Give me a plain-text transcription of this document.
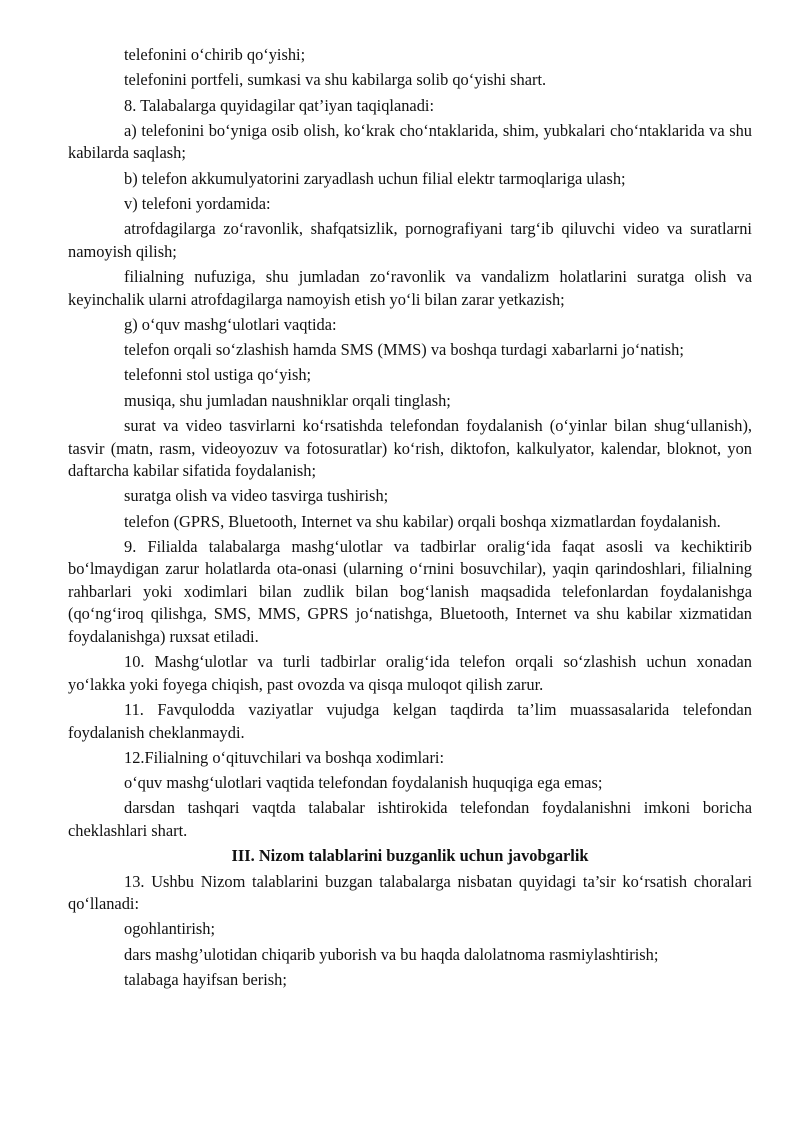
telefonini o‘chirib qo‘yishi;

telefonini portfeli, sumkasi va shu kabilarga solib qo‘yishi shart.

8. Talabalarga quyidagilar qat’iyan taqiqlanadi:

a) telefonini bo‘yniga osib olish, ko‘krak cho‘ntaklarida, shim, yubkalari cho‘ntaklarida va shu kabilarda saqlash;

b) telefon akkumulyatorini zaryadlash uchun filial elektr tarmoqlariga ulash;

v) telefoni yordamida:

atrofdagilarga zo‘ravonlik, shafqatsizlik, pornografiyani targ‘ib qiluvchi video va suratlarni namoyish qilish;

filialning nufuziga, shu jumladan zo‘ravonlik va vandalizm holatlarini suratga olish va keyinchalik ularni atrofdagilarga namoyish etish yo‘li bilan zarar yetkazish;

g) o‘quv mashg‘ulotlari vaqtida:

telefon orqali so‘zlashish hamda SMS (MMS) va boshqa turdagi xabarlarni jo‘natish;

telefonni stol ustiga qo‘yish;

musiqa, shu jumladan naushniklar orqali tinglash;

surat va video tasvirlarni ko‘rsatishda telefondan foydalanish (o‘yinlar bilan shug‘ullanish), tasvir (matn, rasm, videoyozuv va fotosuratlar) ko‘rish, diktofon, kalkulyator, kalendar, bloknot, yon daftarcha kabilar sifatida foydalanish;

suratga olish va video tasvirga tushirish;

telefon (GPRS, Bluetooth, Internet va shu kabilar) orqali boshqa xizmatlardan foydalanish.

9. Filialda talabalarga mashg‘ulotlar va tadbirlar oralig‘ida faqat asosli va kechiktirib bo‘lmaydigan zarur holatlarda ota-onasi (ularning o‘rnini bosuvchilar), yaqin qarindoshlari, filialning rahbarlari yoki xodimlari bilan zudlik bilan bog‘lanish maqsadida telefonlardan foydalanishga (qo‘ng‘iroq qilishga, SMS, MMS, GPRS jo‘natishga, Bluetooth, Internet va shu kabilar xizmatidan foydalanishga) ruxsat etiladi.

10. Mashg‘ulotlar va turli tadbirlar oralig‘ida telefon orqali so‘zlashish uchun xonadan yo‘lakka yoki foyega chiqish, past ovozda va qisqa muloqot qilish zarur.

11. Favqulodda vaziyatlar vujudga kelgan taqdirda ta’lim muassasalarida telefondan foydalanish cheklanmaydi.

12.Filialning o‘qituvchilari va boshqa xodimlari:

o‘quv mashg‘ulotlari vaqtida telefondan foydalanish huquqiga ega emas;

darsdan tashqari vaqtda talabalar ishtirokida telefondan foydalanishni imkoni boricha cheklashlari shart.

III. Nizom talablarini buzganlik uchun javobgarlik

13. Ushbu Nizom talablarini buzgan talabalarga nisbatan quyidagi ta’sir ko‘rsatish choralari qo‘llanadi:

ogohlantirish;

dars mashg’ulotidan chiqarib yuborish va bu haqda dalolatnoma rasmiylashtirish;

talabaga hayifsan berish;
